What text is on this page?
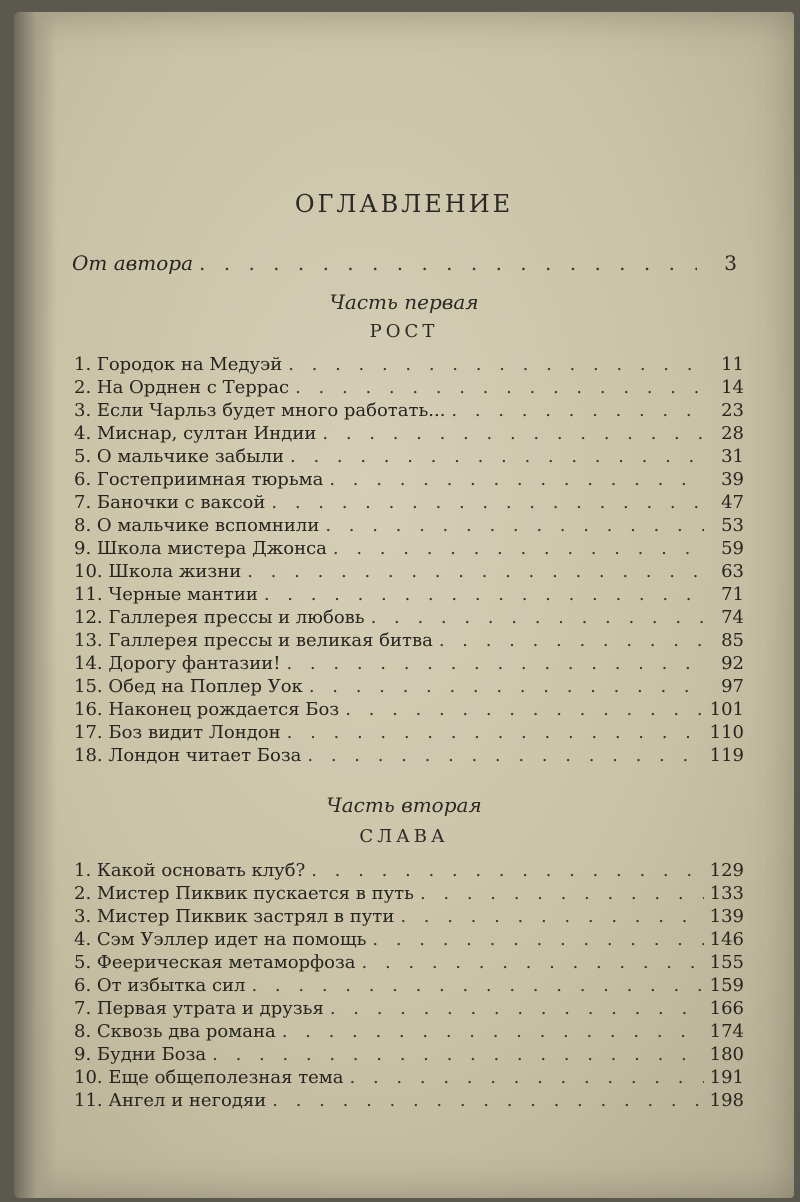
ОГЛАВЛЕНИЕ
От автора . . .	3
Часть первая
РОСТ
1. Городок на Медуэй . . .	11
2. На Орднен с Террас . . .	14
3. Если Чарльз будет много работать... . . .	23
4. Миснар, султан Индии . . .	28
5. О мальчике забыли . . .	31
6. Гостеприимная тюрьма . . .	39
7. Баночки с ваксой . . .	47
8. О мальчике вспомнили . . .	53
9. Школа мистера Джонса . . .	59
10. Школа жизни . . .	63
11. Черные мантии . . .	71
12. Галлерея прессы и любовь . . .	74
13. Галлерея прессы и великая битва . . .	85
14. Дорогу фантазии! . . .	92
15. Обед на Поплер Уок . . .	97
16. Наконец рождается Боз . . .	101
17. Боз видит Лондон . . .	110
18. Лондон читает Боза . . .	119
Часть вторая
СЛАВА
1. Какой основать клуб? . . .	129
2. Мистер Пиквик пускается в путь . . .	133
3. Мистер Пиквик застрял в пути . . .	139
4. Сэм Уэллер идет на помощь . . .	146
5. Феерическая метаморфоза . . .	155
6. От избытка сил . . .	159
7. Первая утрата и друзья . . .	166
8. Сквозь два романа . . .	174
9. Будни Боза . . .	180
10. Еще общеполезная тема . . .	191
11. Ангел и негодяи . . .	198
